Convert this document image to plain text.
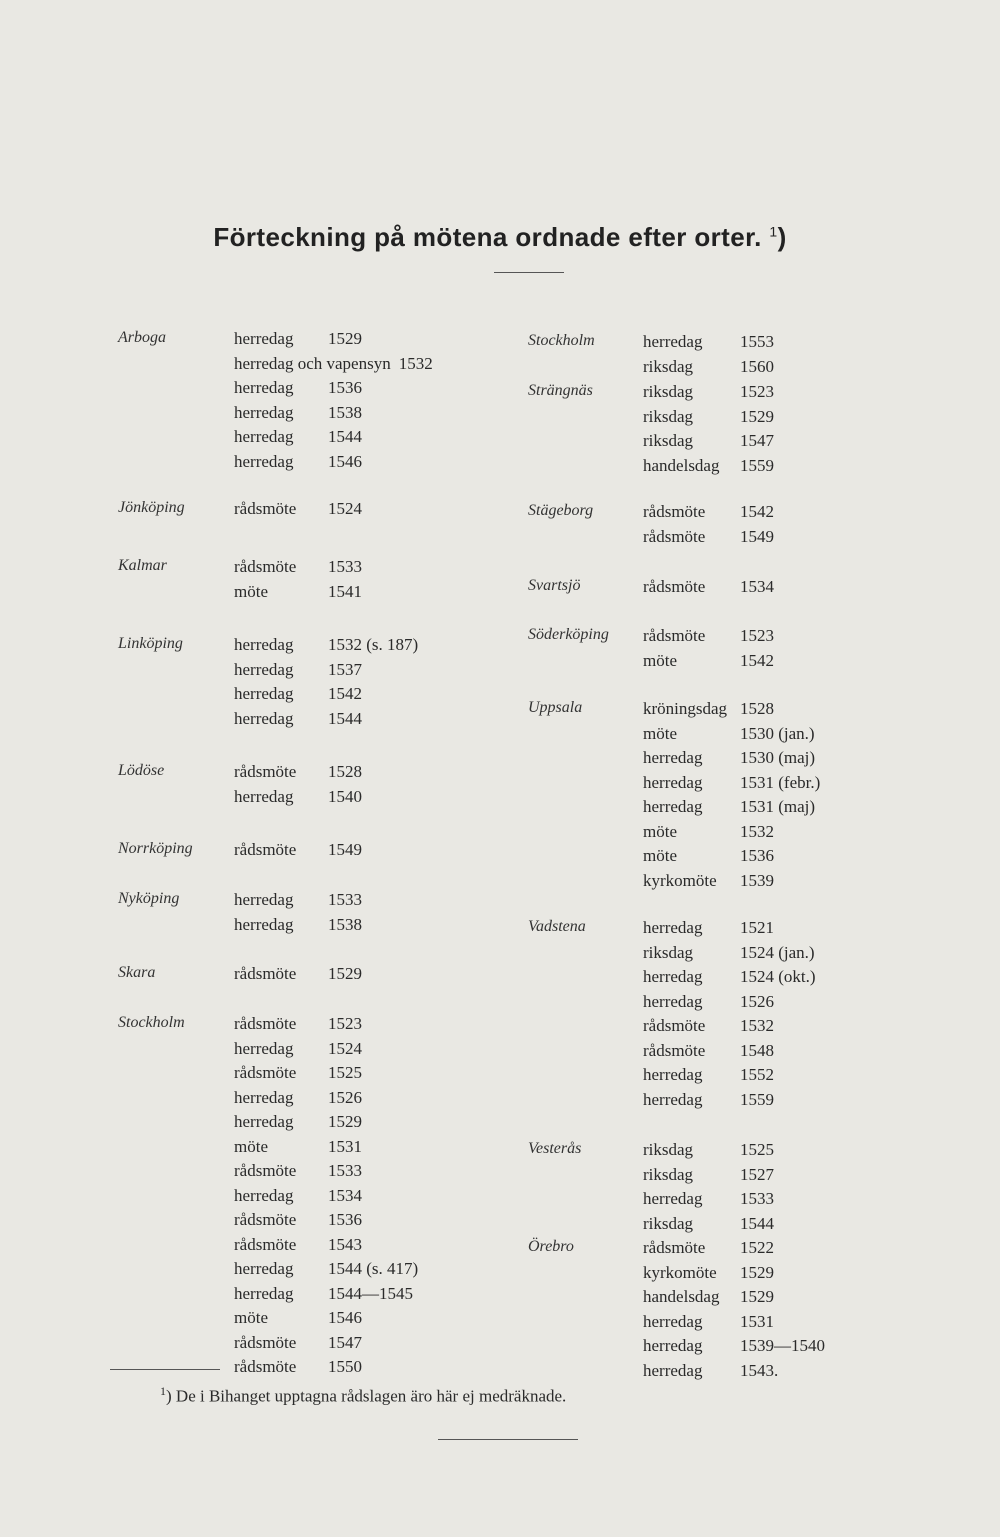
Förteckning på mötena ordnade efter orter. $^1$)
Arboga	herredag 1529
herredag och vapensyn 1532
herredag 1536
herredag 1538
herredag 1544
herredag 1546
Jönköping	rådsmöte 1524
Kalmar	rådsmöte 1533
möte	1541
Linköping	herredag 1532 (s. 187)
herredag 1537
herredag 1542
herredag 1544
Lödöse	rådsmöte 1528
herredag 1540
Norrköping rådsmöte 1549
Nyköping	herredag 1533
herredag 1538
Skara	rådsmöte 1529
Stockholm	rådsmöte 1523
herredag 1524
rådsmöte 1525
herredag 1526
herredag 1529
möte	1531
rådsmöte 1533
herredag 1534
rådsmöte 1536
rådsmöte 1543
herredag 1544 (s. 417)
herredag 1544—1545
möte	1546
rådsmöte 1547
rådsmöte 1550
Stockholm	herredag 1553
riksdag	1560
Strängnäs	riksdag	1523
riksdag	1529
riksdag	1547
handelsdag 1559
Stägeborg	rådsmöte 1542
rådsmöte 1549
Svartsjö	rådsmöte 1534
Söderköping rådsmöte 1523
möte	1542
Uppsala	kröningsdag 1528
möte	1530 (jan.)
herredag 1530 (maj)
herredag 1531 (febr.)
herredag 1531 (maj)
möte	1532
möte	1536
kyrkomöte 1539
Vadstena	herredag 1521
riksdag	1524 (jan.)
herredag 1524 (okt.)
herredag 1526
rådsmöte 1532
rådsmöte 1548
herredag 1552
herredag 1559
Vesterås	riksdag	1525
riksdag	1527
herredag 1533
riksdag	1544
Örebro	rådsmöte 1522
kyrkomöte 1529
handelsdag 1529
herredag 1531
herredag 1539—1540
herredag 1543.
$^1$) De i Bihanget upptagna rådslagen äro här ej medräknade.
